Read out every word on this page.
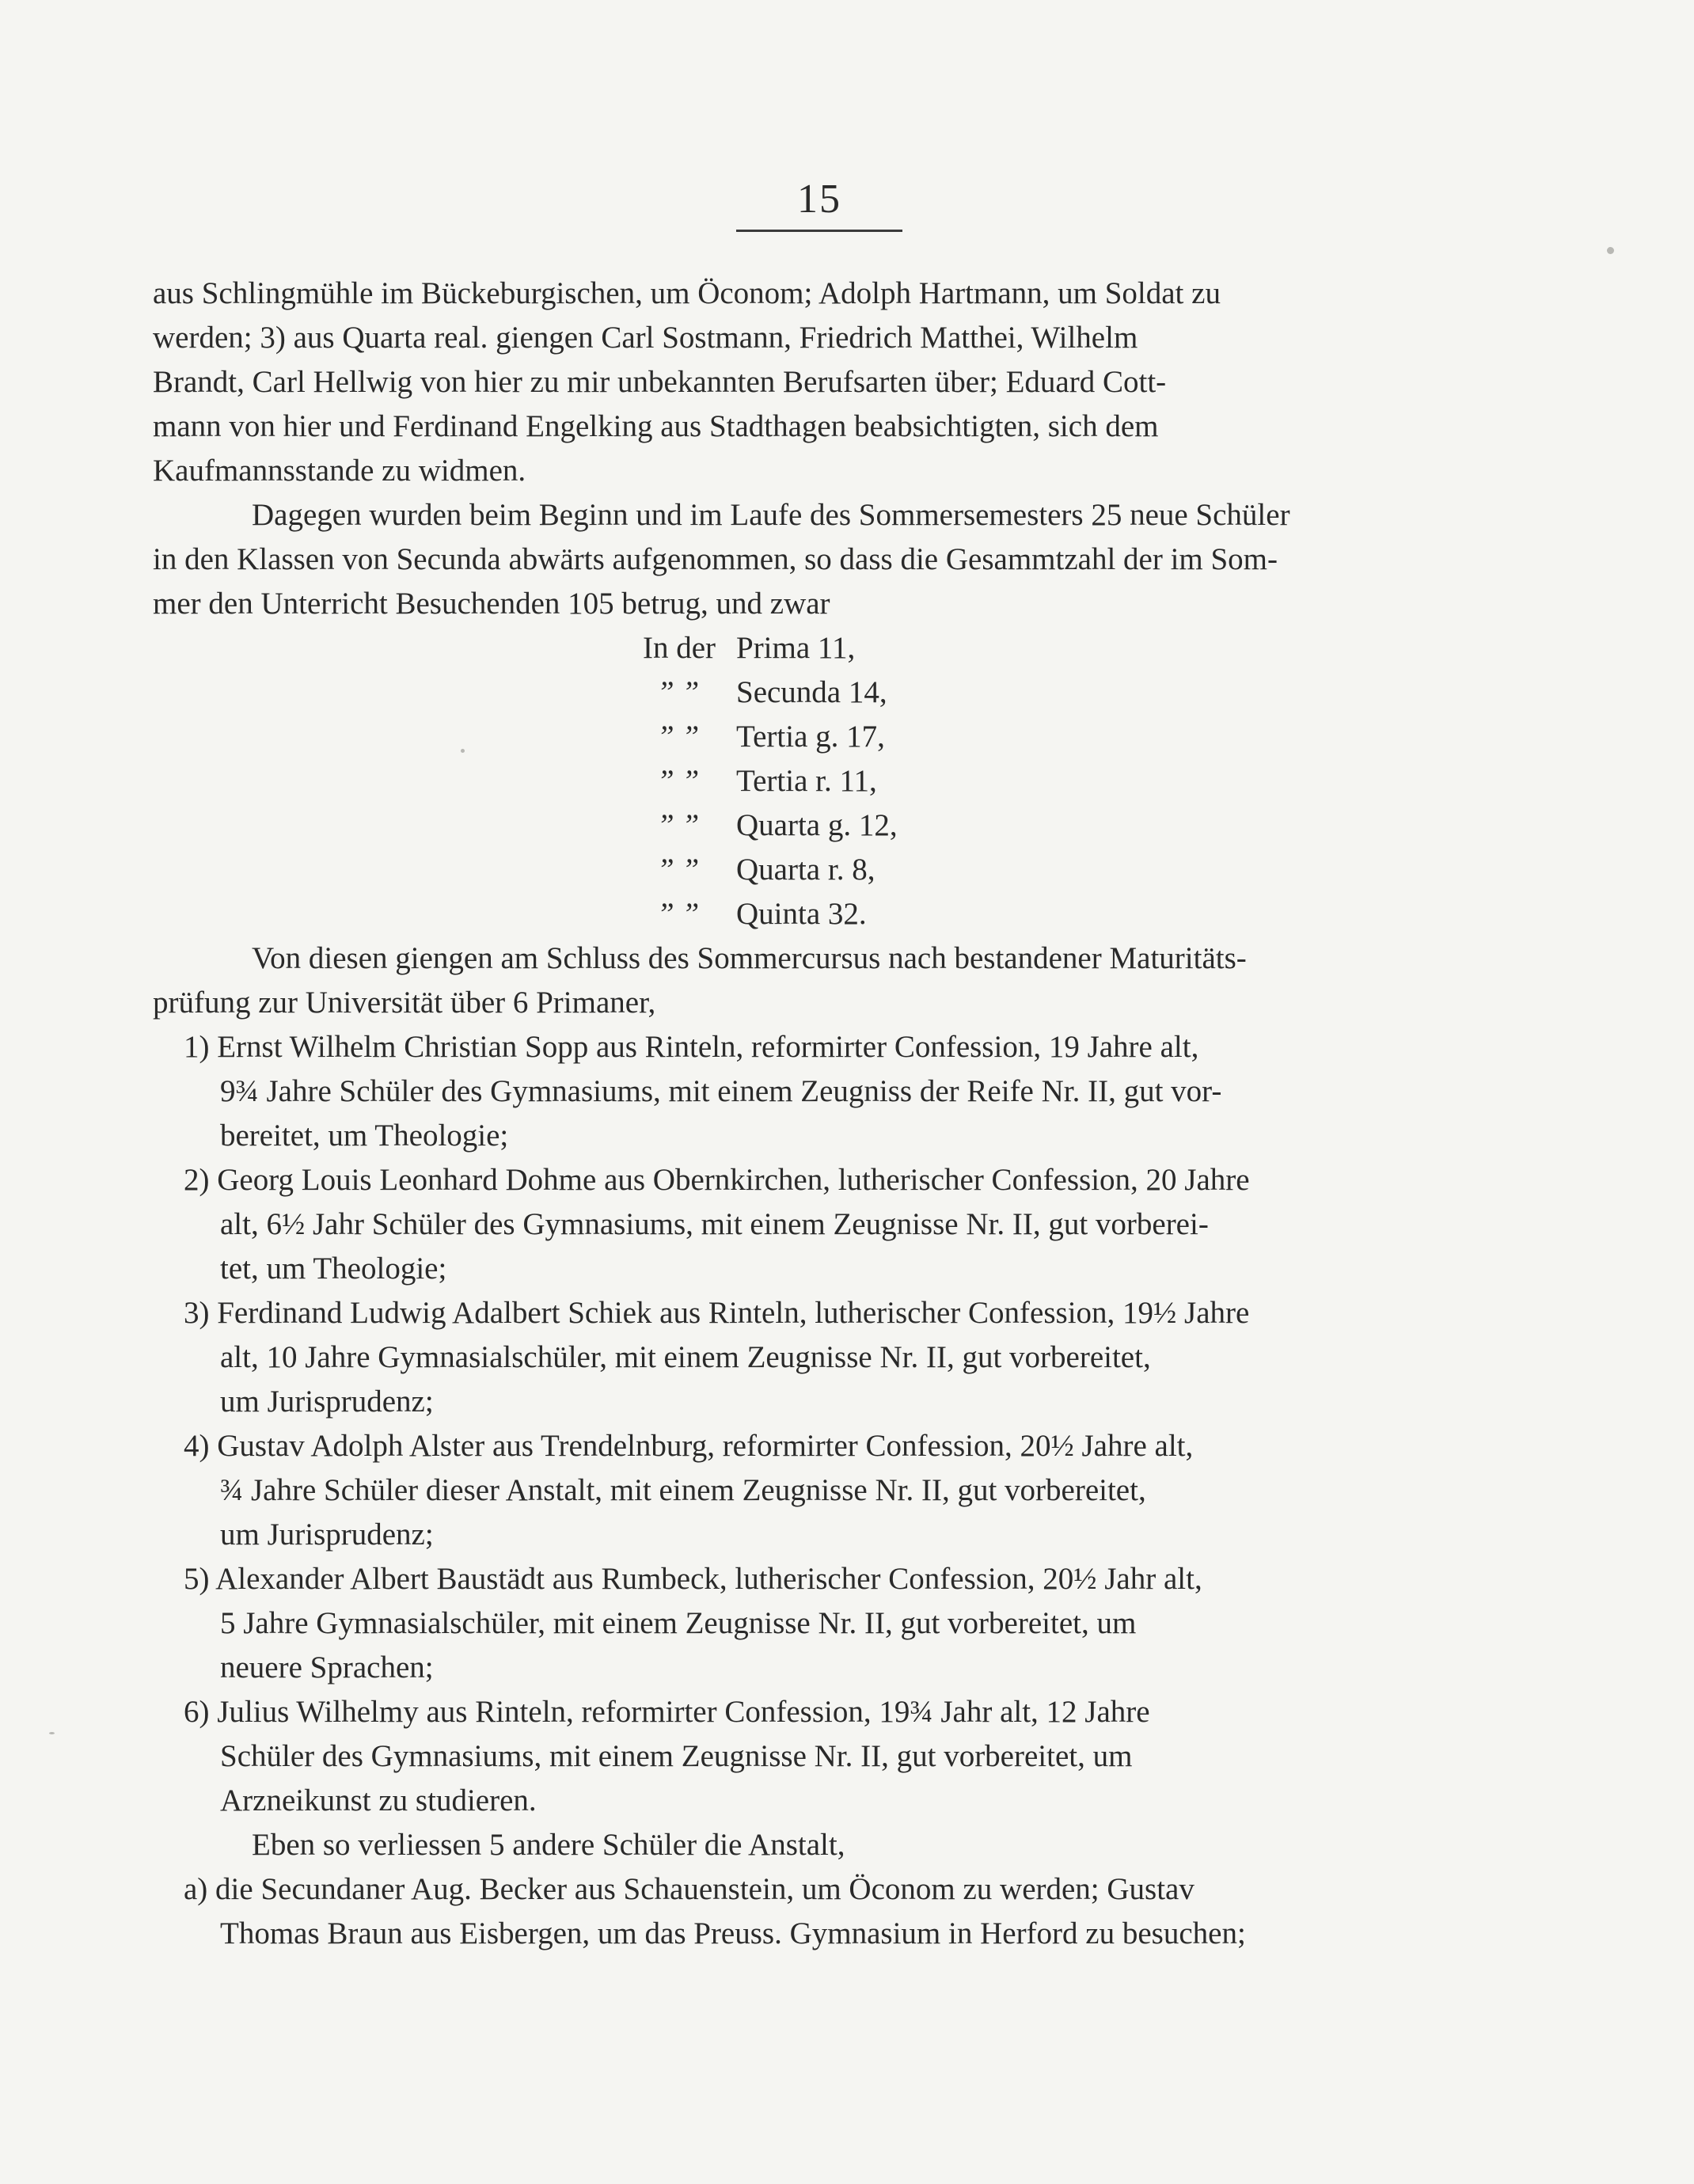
15
aus Schlingmühle im Bückeburgischen, um Öconom; Adolph Hartmann, um Soldat zu
werden; 3) aus Quarta real. giengen Carl Sostmann, Friedrich Matthei, Wilhelm
Brandt, Carl Hellwig von hier zu mir unbekannten Berufsarten über; Eduard Cott-
mann von hier und Ferdinand Engelking aus Stadthagen beabsichtigten, sich dem
Kaufmannsstande zu widmen.
Dagegen wurden beim Beginn und im Laufe des Sommersemesters 25 neue Schüler
in den Klassen von Secunda abwärts aufgenommen, so dass die Gesammtzahl der im Som-
mer den Unterricht Besuchenden 105 betrug, und zwar
In der Prima 11,
” ” Secunda 14,
” ” Tertia g. 17,
” ” Tertia r. 11,
” ” Quarta g. 12,
” ” Quarta r. 8,
” ” Quinta 32.
Von diesen giengen am Schluss des Sommercursus nach bestandener Maturitäts-
prüfung zur Universität über 6 Primaner,
1) Ernst Wilhelm Christian Sopp aus Rinteln, reformirter Confession, 19 Jahre alt,
9¾ Jahre Schüler des Gymnasiums, mit einem Zeugniss der Reife Nr. II, gut vor-
bereitet, um Theologie;
2) Georg Louis Leonhard Dohme aus Obernkirchen, lutherischer Confession, 20 Jahre
alt, 6½ Jahr Schüler des Gymnasiums, mit einem Zeugnisse Nr. II, gut vorberei-
tet, um Theologie;
3) Ferdinand Ludwig Adalbert Schiek aus Rinteln, lutherischer Confession, 19½ Jahre
alt, 10 Jahre Gymnasialschüler, mit einem Zeugnisse Nr. II, gut vorbereitet,
um Jurisprudenz;
4) Gustav Adolph Alster aus Trendelnburg, reformirter Confession, 20½ Jahre alt,
¾ Jahre Schüler dieser Anstalt, mit einem Zeugnisse Nr. II, gut vorbereitet,
um Jurisprudenz;
5) Alexander Albert Baustädt aus Rumbeck, lutherischer Confession, 20½ Jahr alt,
5 Jahre Gymnasialschüler, mit einem Zeugnisse Nr. II, gut vorbereitet, um
neuere Sprachen;
6) Julius Wilhelmy aus Rinteln, reformirter Confession, 19¾ Jahr alt, 12 Jahre
Schüler des Gymnasiums, mit einem Zeugnisse Nr. II, gut vorbereitet, um
Arzneikunst zu studieren.
Eben so verliessen 5 andere Schüler die Anstalt,
a) die Secundaner Aug. Becker aus Schauenstein, um Öconom zu werden; Gustav
Thomas Braun aus Eisbergen, um das Preuss. Gymnasium in Herford zu besuchen;
